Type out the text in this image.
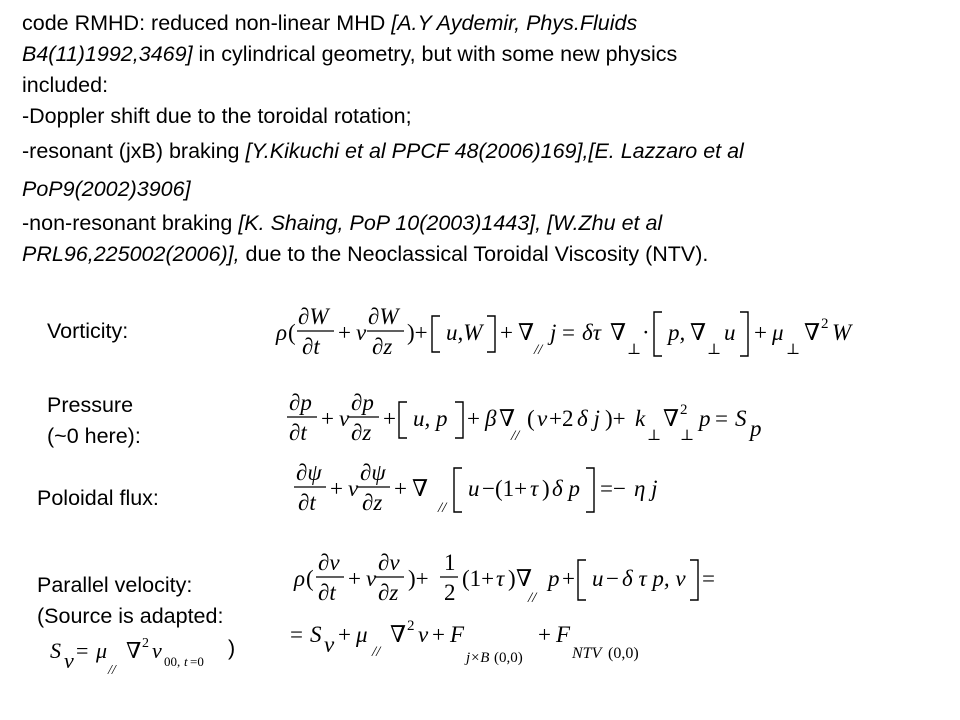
code RMHD: reduced non-linear MHD [A.Y Aydemir, Phys.Fluids
B4(11)1992,3469] in cylindrical geometry, but with some new physics
included:
-Doppler shift due to the toroidal rotation;
-resonant (jxB) braking [Y.Kikuchi et al PPCF 48(2006)169],[E. Lazzaro et al
PoP9(2002)3906]
-non-resonant braking [K. Shaing, PoP 10(2003)1443], [W.Zhu et al
PRL96,225002(2006)], due to the Neoclassical Toroidal Viscosity (NTV).
Vorticity:
Pressure
(~0 here):
Poloidal flux:
Parallel velocity:
(Source is adapted:
)
ρ (
∂W
∂t
+ v
∂W
∂z
)+ u,W + ∇
//
j = δτ ∇
⊥
· p, ∇
⊥
u + μ
⊥
∇ 2 W
∂p
∂t
+ v
∂p
∂z
+ u, p + β ∇
//
( v +2 δ j )+ k
⊥
∇ 2
⊥
p = S p
∂ψ
∂t
+ v
∂ψ
∂z
+ ∇
//
u −(1+ τ ) δ p =− η j
ρ (
∂v
∂t
+ v
∂v
∂z
)+
1
2
(1+ τ ) ∇
//
p + u − δ τ p, v =
= S v + μ
//
∇ 2 v + F
j×B (0,0)
+ F
NTV (0,0)
S v = μ
//
∇ 2 v 00, t =0
